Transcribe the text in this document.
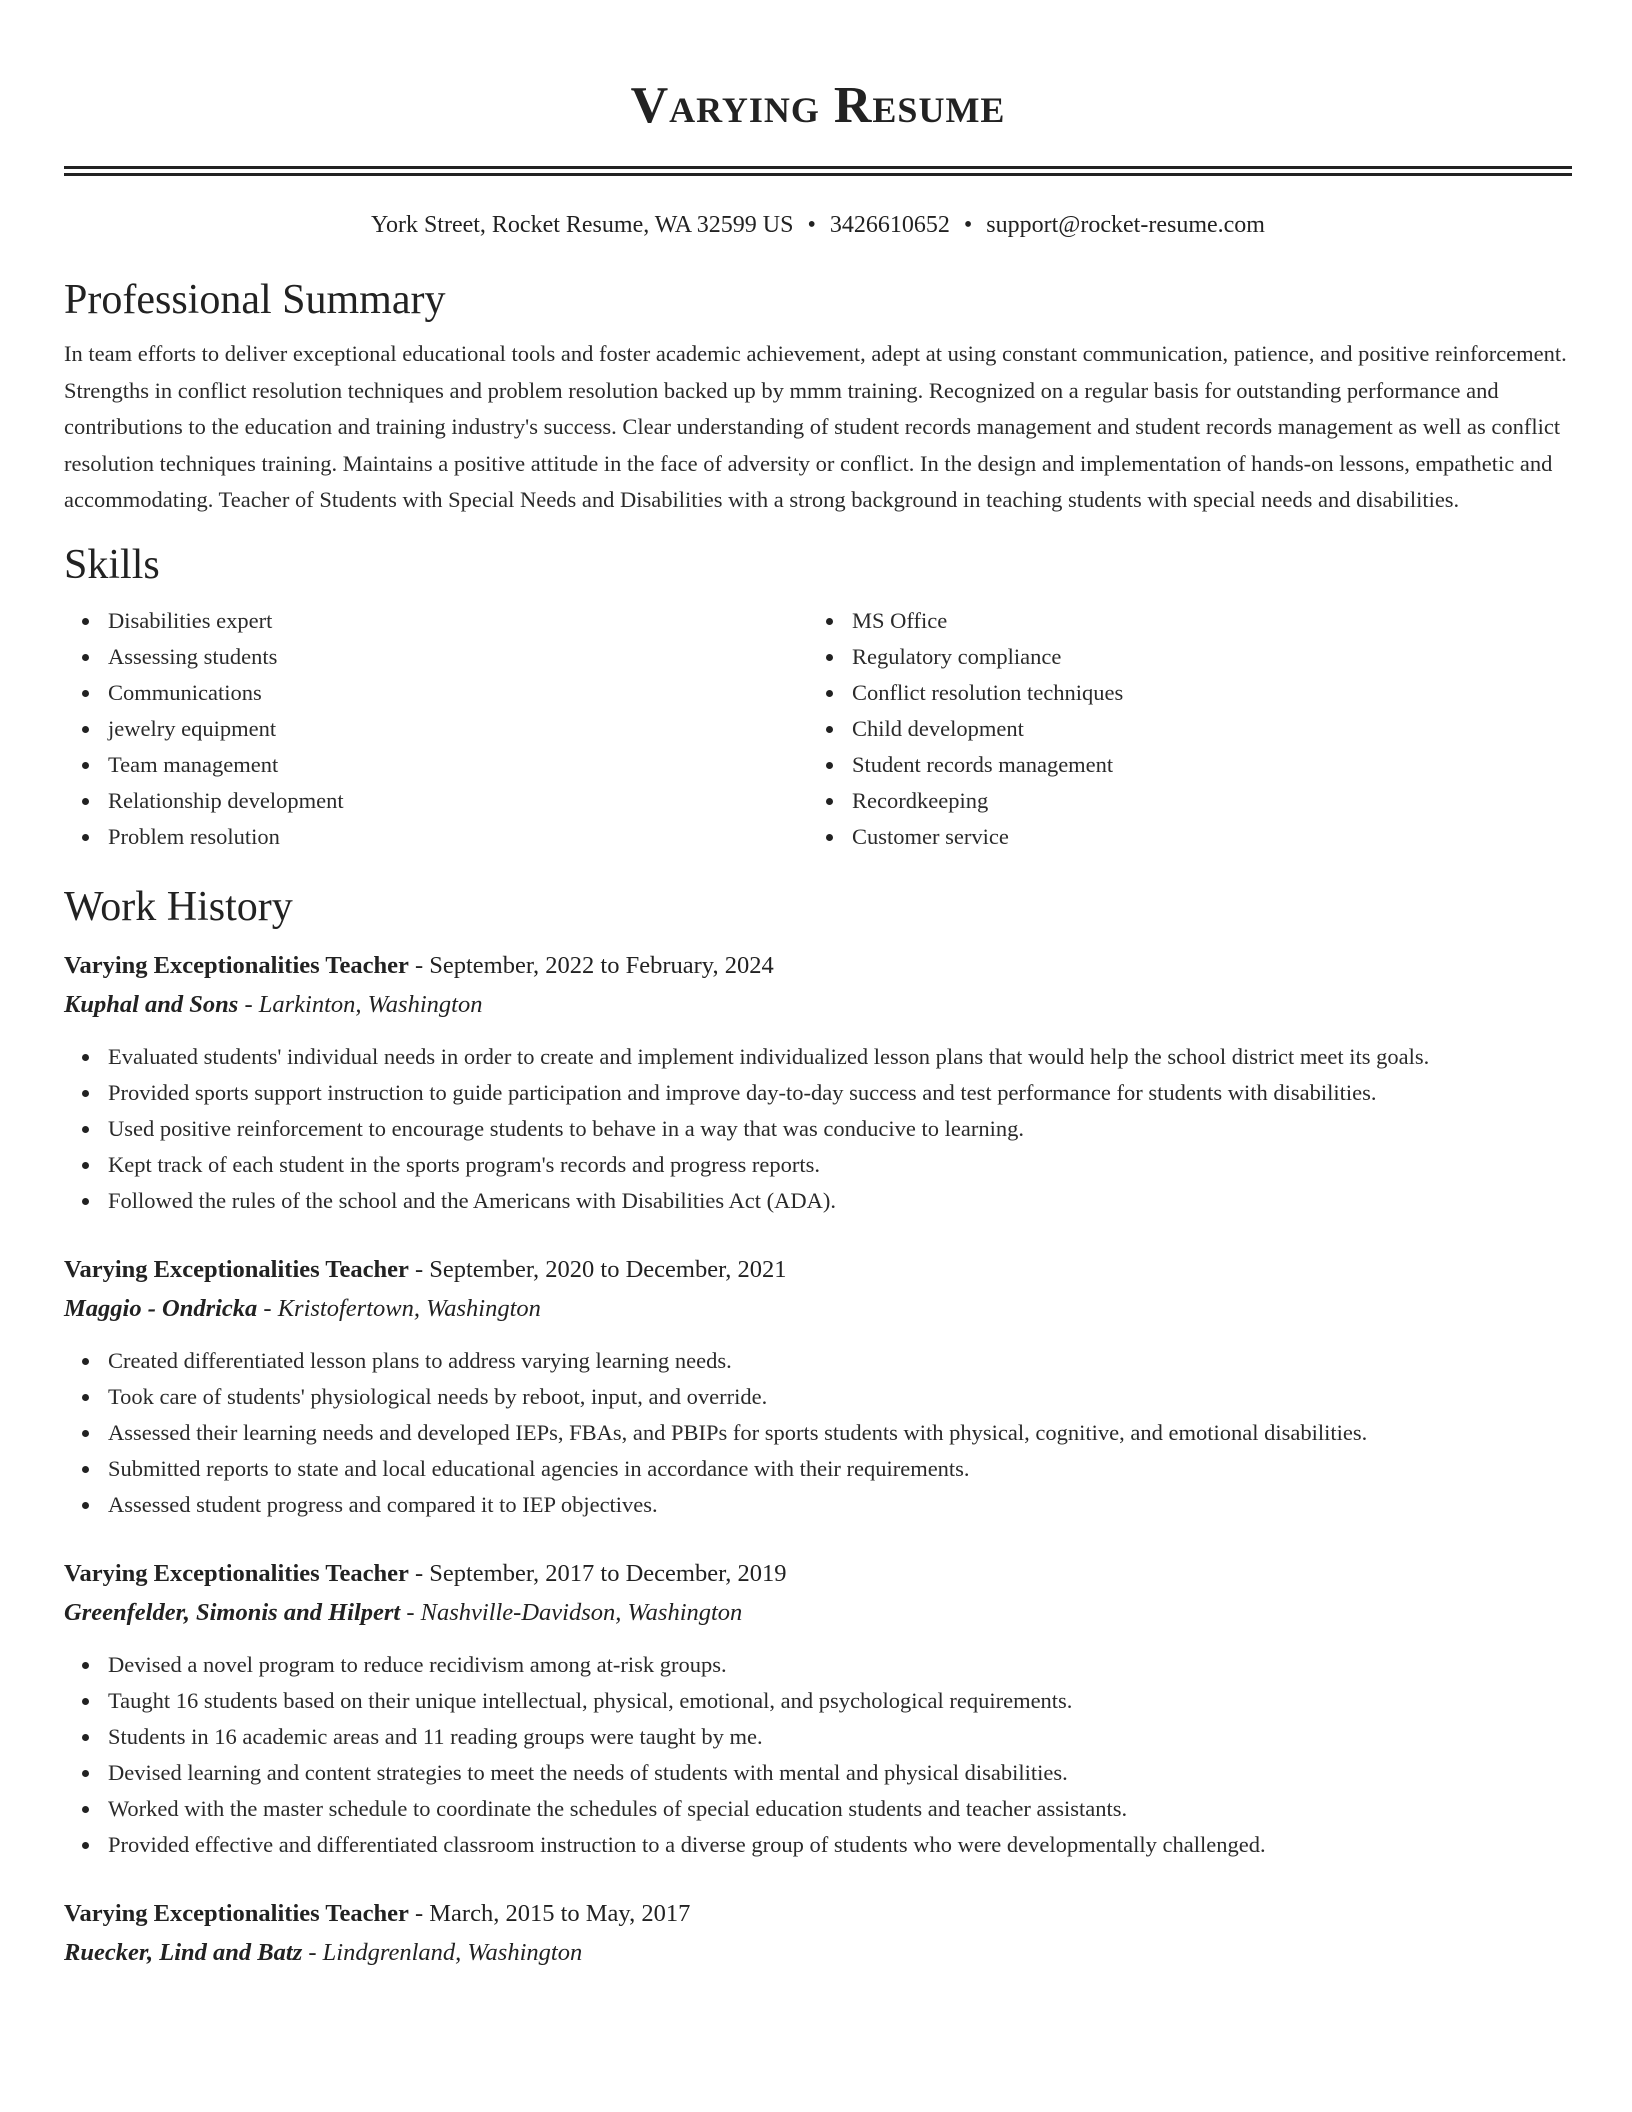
Varying Resume
York Street, Rocket Resume, WA 32599 US • 3426610652 • support@rocket-resume.com
Professional Summary

In team efforts to deliver exceptional educational tools and foster academic achievement, adept at using constant communication, patience, and positive reinforcement. Strengths in conflict resolution techniques and problem resolution backed up by mmm training. Recognized on a regular basis for outstanding performance and contributions to the education and training industry's success. Clear understanding of student records management and student records management as well as conflict resolution techniques training. Maintains a positive attitude in the face of adversity or conflict. In the design and implementation of hands-on lessons, empathetic and accommodating. Teacher of Students with Special Needs and Disabilities with a strong background in teaching students with special needs and disabilities.

Skills
Disabilities expert
Assessing students
Communications
jewelry equipment
Team management
Relationship development
Problem resolution
MS Office
Regulatory compliance
Conflict resolution techniques
Child development
Student records management
Recordkeeping
Customer service
Work History
Varying Exceptionalities Teacher - September, 2022 to February, 2024
Kuphal and Sons - Larkinton, Washington
Evaluated students' individual needs in order to create and implement individualized lesson plans that would help the school district meet its goals.
Provided sports support instruction to guide participation and improve day-to-day success and test performance for students with disabilities.
Used positive reinforcement to encourage students to behave in a way that was conducive to learning.
Kept track of each student in the sports program's records and progress reports.
Followed the rules of the school and the Americans with Disabilities Act (ADA).
Varying Exceptionalities Teacher - September, 2020 to December, 2021
Maggio - Ondricka - Kristofertown, Washington
Created differentiated lesson plans to address varying learning needs.
Took care of students' physiological needs by reboot, input, and override.
Assessed their learning needs and developed IEPs, FBAs, and PBIPs for sports students with physical, cognitive, and emotional disabilities.
Submitted reports to state and local educational agencies in accordance with their requirements.
Assessed student progress and compared it to IEP objectives.
Varying Exceptionalities Teacher - September, 2017 to December, 2019
Greenfelder, Simonis and Hilpert - Nashville-Davidson, Washington
Devised a novel program to reduce recidivism among at-risk groups.
Taught 16 students based on their unique intellectual, physical, emotional, and psychological requirements.
Students in 16 academic areas and 11 reading groups were taught by me.
Devised learning and content strategies to meet the needs of students with mental and physical disabilities.
Worked with the master schedule to coordinate the schedules of special education students and teacher assistants.
Provided effective and differentiated classroom instruction to a diverse group of students who were developmentally challenged.
Varying Exceptionalities Teacher - March, 2015 to May, 2017
Ruecker, Lind and Batz - Lindgrenland, Washington
